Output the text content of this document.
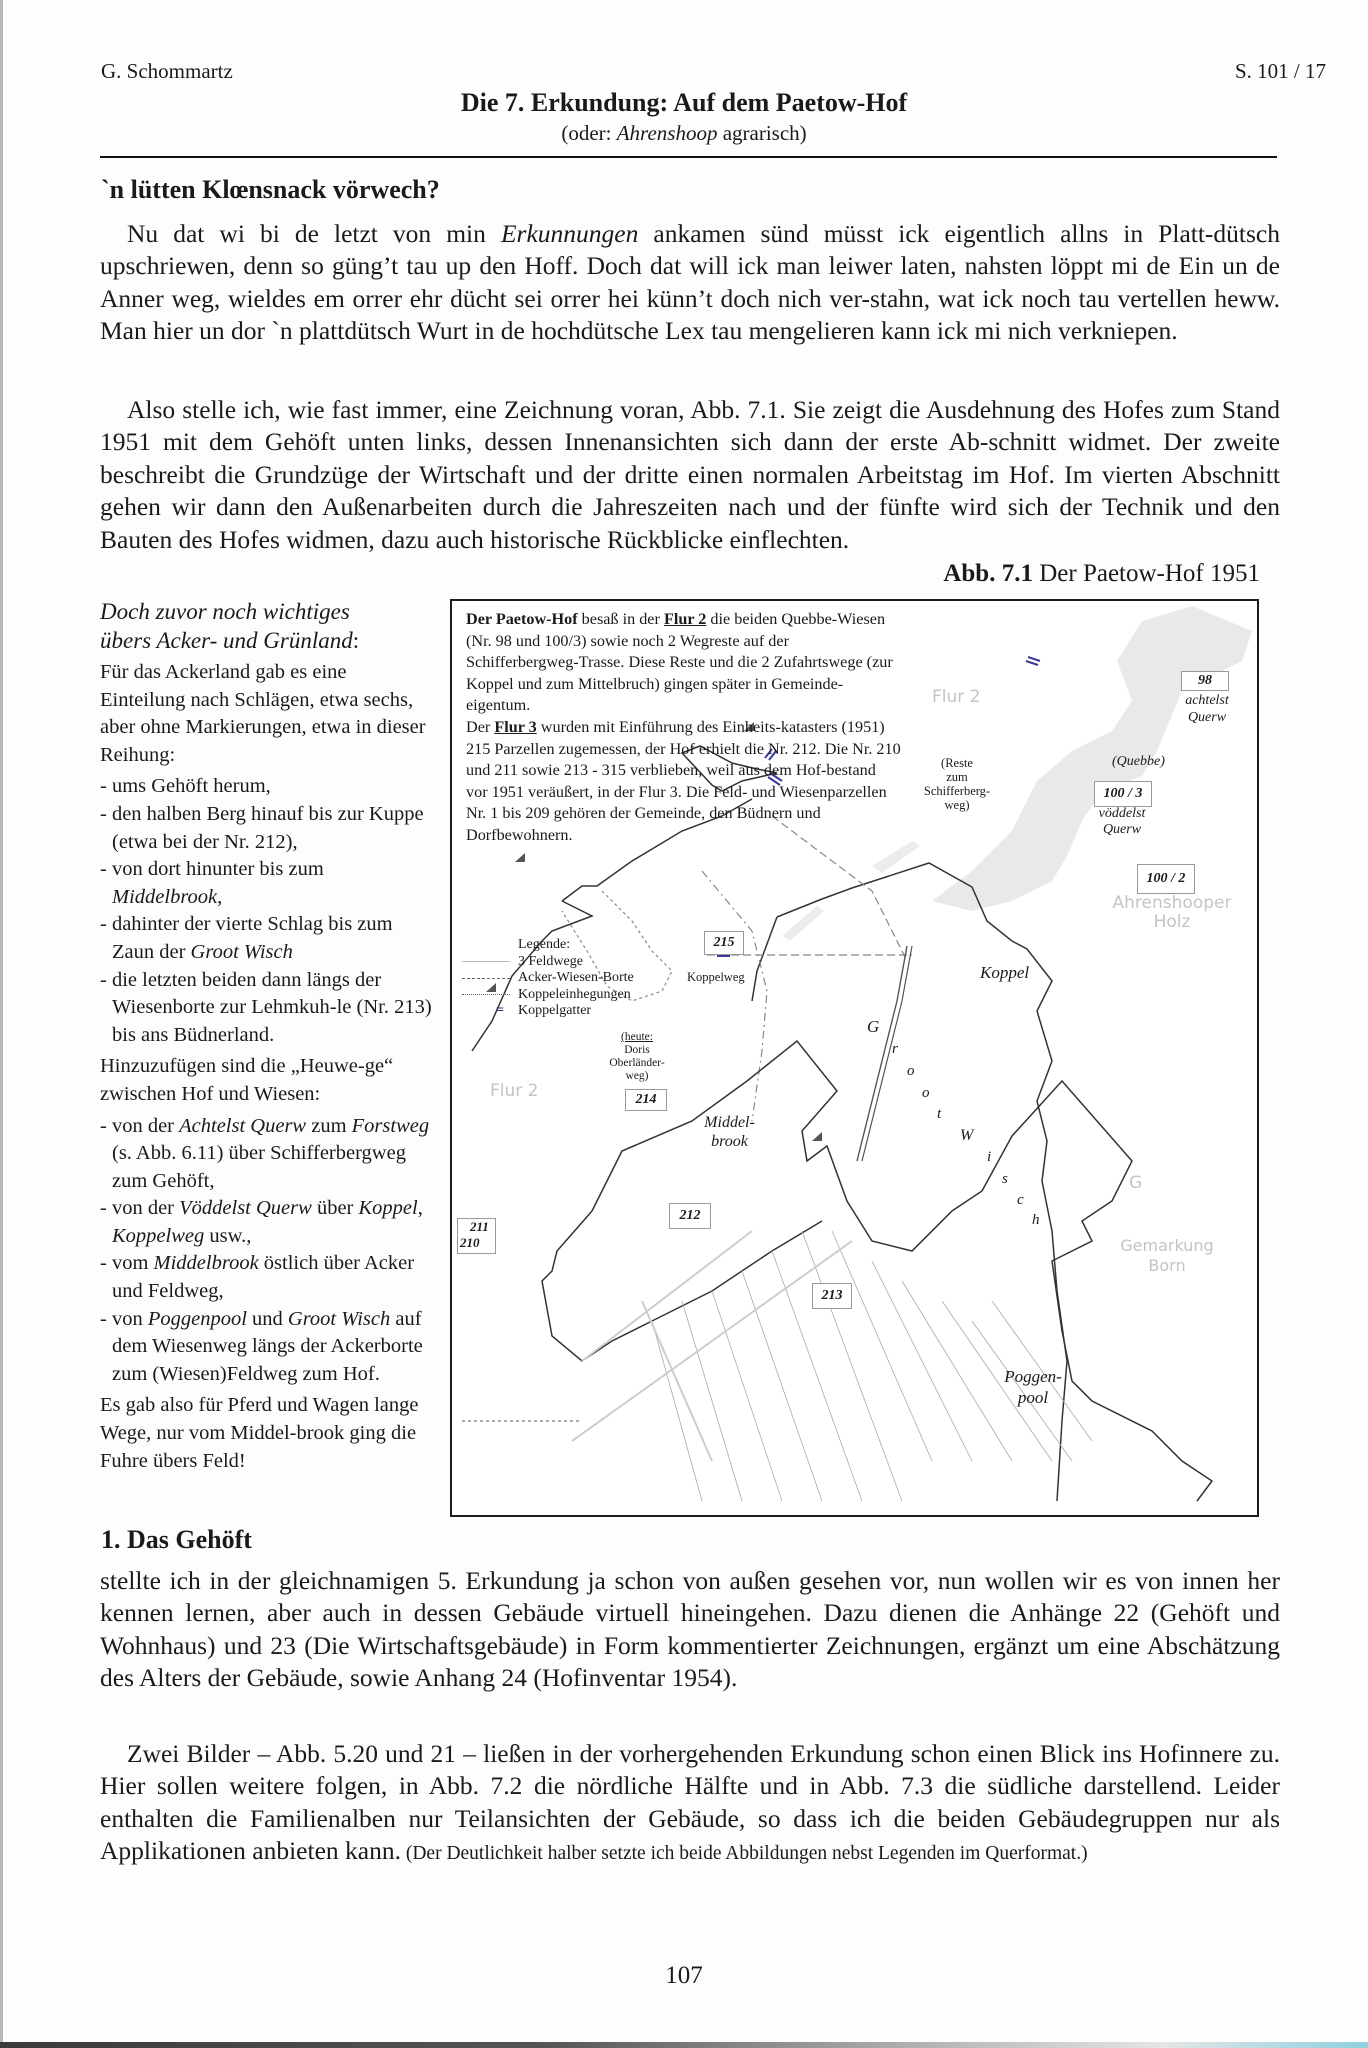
G. Schommartz	S. 101 / 17
Die 7. Erkundung: Auf dem Paetow-Hof
(oder: Ahrenshoop agrarisch)
`n lütten Klœnsnack vörwech?

Nu dat wi bi de letzt von min Erkunnungen ankamen sünd müsst ick eigentlich allns in Platt-dütsch upschriewen, denn so güng’t tau up den Hoff. Doch dat will ick man leiwer laten, nahsten löppt mi de Ein un de Anner weg, wieldes em orrer ehr dücht sei orrer hei künn’t doch nich ver-stahn, wat ick noch tau vertellen heww. Man hier un dor `n plattdütsch Wurt in de hochdütsche Lex tau mengelieren kann ick mi nich verkniepen.

Also stelle ich, wie fast immer, eine Zeichnung voran, Abb. 7.1. Sie zeigt die Ausdehnung des Hofes zum Stand 1951 mit dem Gehöft unten links, dessen Innenansichten sich dann der erste Ab-schnitt widmet. Der zweite beschreibt die Grundzüge der Wirtschaft und der dritte einen normalen Arbeitstag im Hof. Im vierten Abschnitt gehen wir dann den Außenarbeiten durch die Jahreszeiten nach und der fünfte wird sich der Technik und den Bauten des Hofes widmen, dazu auch historische Rückblicke einflechten.

Abb. 7.1 Der Paetow-Hof 1951
Doch zuvor noch wichtiges
übers Acker- und Grünland:

Für das Ackerland gab es eine Einteilung nach Schlägen, etwa sechs, aber ohne Markierungen, etwa in dieser Reihung:

- ums Gehöft herum,
- den halben Berg hinauf bis zur Kuppe (etwa bei der Nr. 212),
- von dort hinunter bis zum Middelbrook,
- dahinter der vierte Schlag bis zum Zaun der Groot Wisch
- die letzten beiden dann längs der Wiesenborte zur Lehmkuh-le (Nr. 213) bis ans Büdnerland.

Hinzuzufügen sind die „Heuwe-ge“ zwischen Hof und Wiesen:

- von der Achtelst Querw zum Forstweg (s. Abb. 6.11) über Schifferbergweg zum Gehöft,
- von der Vöddelst Querw über Koppel, Koppelweg usw.,
- vom Middelbrook östlich über Acker und Feldweg,
- von Poggenpool und Groot Wisch auf dem Wiesenweg längs der Ackerborte zum (Wiesen)Feldweg zum Hof.

Es gab also für Pferd und Wagen lange Wege, nur vom Middel-brook ging die Fuhre übers Feld!

Der Paetow-Hof besaß in der Flur 2 die beiden Quebbe-Wiesen (Nr. 98 und 100/3) sowie noch 2 Wegreste auf der Schifferbergweg-Trasse. Diese Reste und die 2 Zufahrtswege (zur Koppel und zum Mittelbruch) gingen später in Gemeinde-eigentum.
Der Flur 3 wurden mit Einführung des Einheits-katasters (1951) 215 Parzellen zugemessen, der Hof erhielt die Nr. 212. Die Nr. 210 und 211 sowie 213 - 315 verblieben, weil aus dem Hof-bestand vor 1951 veräußert, in der Flur 3. Die Feld- und Wiesenparzellen Nr. 1 bis 209 gehören der Gemeinde, den Büdnern und Dorfbewohnern.
Legende:
3 Feldwege
Acker-Wiesen-Borte
Koppeleinhegungen
=	Koppelgatter
Flur 2
Flur 2
(Reste
zum
Schifferberg-
weg)
98
achtelst
Querw
(Quebbe)
100 / 3
vöddelst
Querw
100 / 2
Ahrenshooper
Holz
215
Koppelweg	Koppel
(heute:
Doris
Oberländer-
weg)
214
Middel-
brook
G
r
o
o
t
W
i
s
c
h
G
Gemarkung
Born
212
211
210
213
Poggen-
pool
1. Das Gehöft

stellte ich in der gleichnamigen 5. Erkundung ja schon von außen gesehen vor, nun wollen wir es von innen her kennen lernen, aber auch in dessen Gebäude virtuell hineingehen. Dazu dienen die Anhänge 22 (Gehöft und Wohnhaus) und 23 (Die Wirtschaftsgebäude) in Form kommentierter Zeichnungen, ergänzt um eine Abschätzung des Alters der Gebäude, sowie Anhang 24 (Hofinventar 1954).

Zwei Bilder – Abb. 5.20 und 21 – ließen in der vorhergehenden Erkundung schon einen Blick ins Hofinnere zu. Hier sollen weitere folgen, in Abb. 7.2 die nördliche Hälfte und in Abb. 7.3 die südliche darstellend. Leider enthalten die Familienalben nur Teilansichten der Gebäude, so dass ich die beiden Gebäudegruppen nur als Applikationen anbieten kann. (Der Deutlichkeit halber setzte ich beide Abbildungen nebst Legenden im Querformat.)

107
